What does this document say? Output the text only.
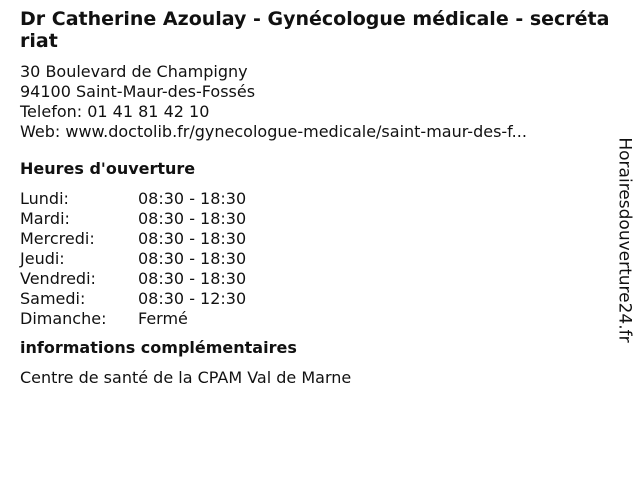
Dr Catherine Azoulay - Gynécologue médicale - secrétariat
30 Boulevard de Champigny
94100 Saint-Maur-des-Fossés
Telefon: 01 41 81 42 10
Web: www.doctolib.fr/gynecologue-medicale/saint-maur-des-f...
Heures d'ouverture
Lundi:	08:30 - 18:30
Mardi:	08:30 - 18:30
Mercredi:	08:30 - 18:30
Jeudi:	08:30 - 18:30
Vendredi:	08:30 - 18:30
Samedi:	08:30 - 12:30
Dimanche:	Fermé
informations complémentaires
Centre de santé de la CPAM Val de Marne
Horairesdouverture24.fr
